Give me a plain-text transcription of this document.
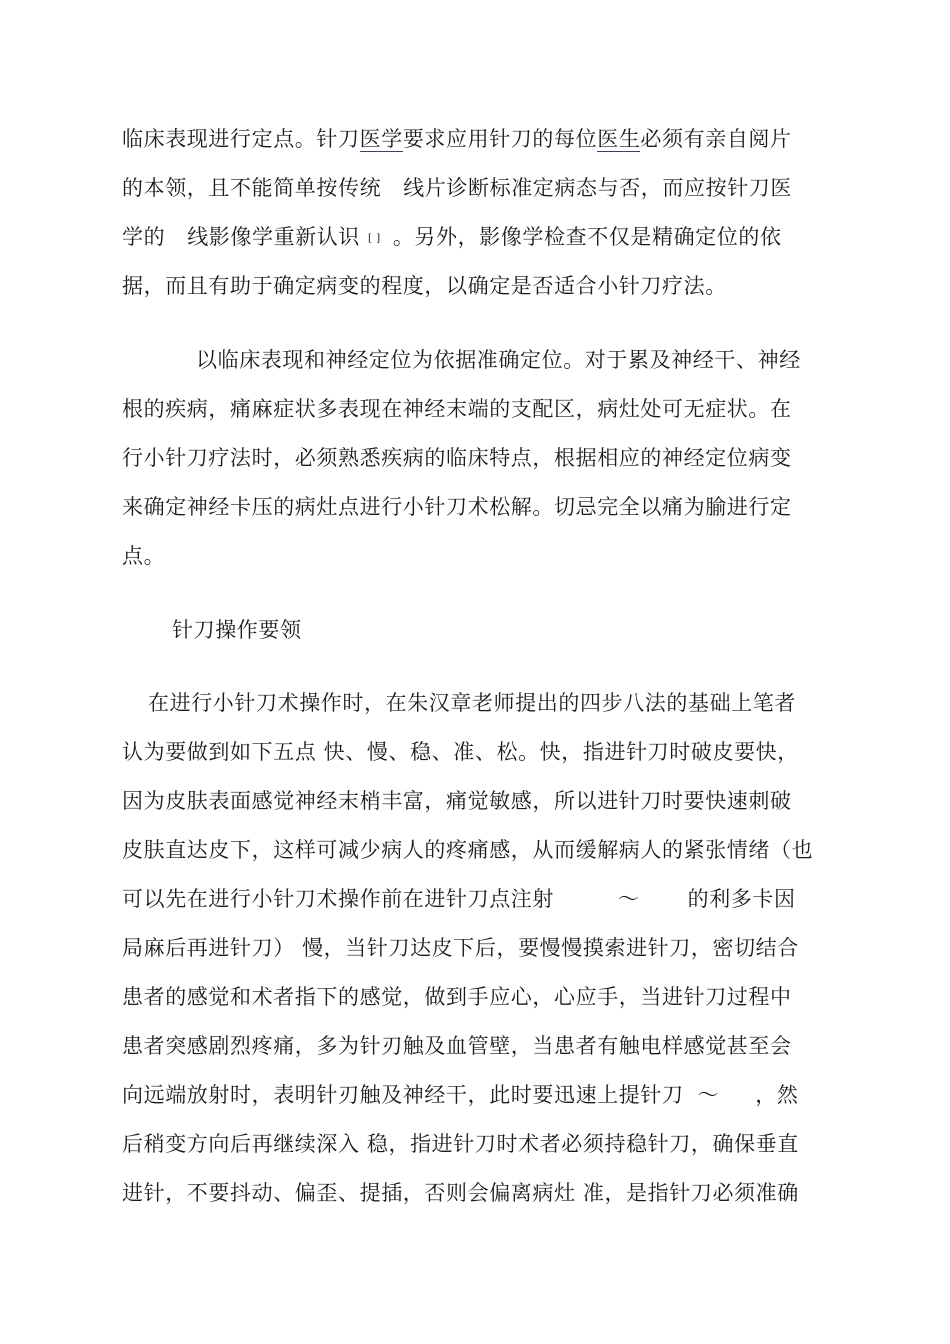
临床表现进行定点。针刀医学要求应用针刀的每位医生必须有亲自阅片
的本领，且不能简单按传统 线片诊断标准定病态与否，而应按针刀医
学的 线影像学重新认识 [ ] 。另外，影像学检查不仅是精确定位的依
据，而且有助于确定病变的程度，以确定是否适合小针刀疗法。
以临床表现和神经定位为依据准确定位。对于累及神经干、神经
根的疾病，痛麻症状多表现在神经末端的支配区，病灶处可无症状。在
行小针刀疗法时，必须熟悉疾病的临床特点，根据相应的神经定位病变
来确定神经卡压的病灶点进行小针刀术松解。切忌完全以痛为腧进行定
点。
针刀操作要领
在进行小针刀术操作时，在朱汉章老师提出的四步八法的基础上笔者
认为要做到如下五点 快、慢、稳、准、松。快，指进针刀时破皮要快，
因为皮肤表面感觉神经末梢丰富，痛觉敏感，所以进针刀时要快速刺破
皮肤直达皮下，这样可减少病人的疼痛感，从而缓解病人的紧张情绪（也
可以先在进行小针刀术操作前在进针刀点注射	～ 的利多卡因
局麻后再进针刀） 慢，当针刀达皮下后，要慢慢摸索进针刀，密切结合
患者的感觉和术者指下的感觉，做到手应心，心应手，当进针刀过程中
患者突感剧烈疼痛，多为针刃触及血管壁，当患者有触电样感觉甚至会
向远端放射时，表明针刃触及神经干，此时要迅速上提针刀 ～ ，然
后稍变方向后再继续深入 稳，指进针刀时术者必须持稳针刀，确保垂直
进针，不要抖动、偏歪、提插，否则会偏离病灶 准，是指针刀必须准确
